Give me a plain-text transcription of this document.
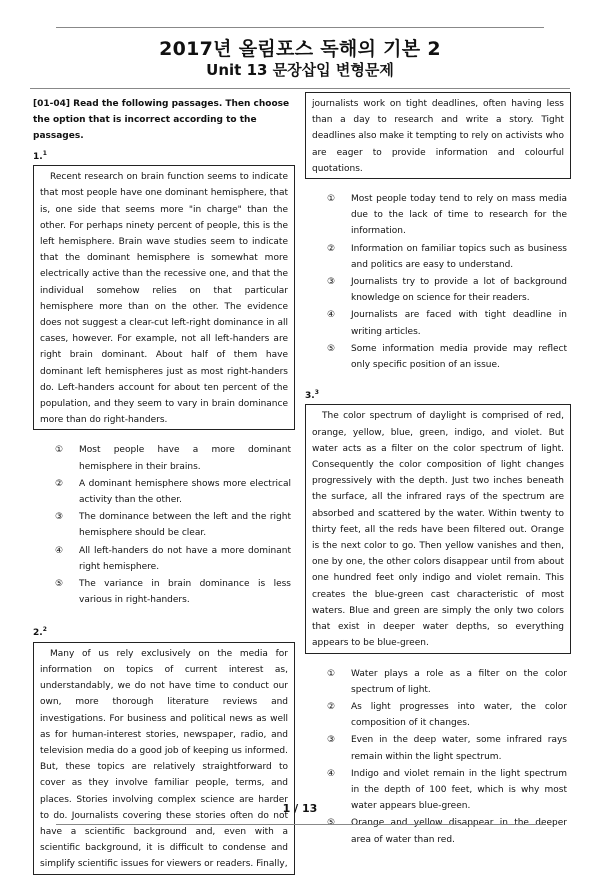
2017년 올림포스 독해의 기본 2
Unit 13 문장삽입 변형문제
[01-04] Read the following passages. Then choose the option that is incorrect according to the passages.
1.$^1$
Recent research on brain function seems to indicate that most people have one dominant hemisphere, that is, one side that seems more "in charge" than the other. For perhaps ninety percent of people, this is the left hemisphere. Brain wave studies seem to indicate that the dominant hemisphere is somewhat more electrically active than the recessive one, and that the individual somehow relies on that particular hemisphere more than on the other. The evidence does not suggest a clear-cut left-right dominance in all cases, however. For example, not all left-handers are right brain dominant. About half of them have dominant left hemispheres just as most right-handers do. Left-handers account for about ten percent of the population, and they seem to vary in brain dominance more than do right-handers.
①	Most people have a more dominant hemisphere in their brains.
②	A dominant hemisphere shows more electrical activity than the other.
③	The dominance between the left and the right hemisphere should be clear.
④	All left-handers do not have a more dominant right hemisphere.
⑤	The variance in brain dominance is less various in right-handers.
2.$^2$
Many of us rely exclusively on the media for information on topics of current interest as, understandably, we do not have time to conduct our own, more thorough literature reviews and investigations. For business and political news as well as for human-interest stories, newspaper, radio, and television media do a good job of keeping us informed. But, these topics are relatively straightforward to cover as they involve familiar people, terms, and places. Stories involving complex science are harder to do. Journalists covering these stories often do not have a scientific background and, even with a scientific background, it is difficult to condense and simplify scientific issues for viewers or readers. Finally,
journalists work on tight deadlines, often having less than a day to research and write a story. Tight deadlines also make it tempting to rely on activists who are eager to provide information and colourful quotations.
①	Most people today tend to rely on mass media due to the lack of time to research for the information.
②	Information on familiar topics such as business and politics are easy to understand.
③	Journalists try to provide a lot of background knowledge on science for their readers.
④	Journalists are faced with tight deadline in writing articles.
⑤	Some information media provide may reflect only specific position of an issue.
3.$^3$
The color spectrum of daylight is comprised of red, orange, yellow, blue, green, indigo, and violet. But water acts as a filter on the color spectrum of light. Consequently the color composition of light changes progressively with the depth. Just two inches beneath the surface, all the infrared rays of the spectrum are absorbed and scattered by the water. Within twenty to thirty feet, all the reds have been filtered out. Orange is the next color to go. Then yellow vanishes and then, one by one, the other colors disappear until from about one hundred feet only indigo and violet remain. This creates the blue-green cast characteristic of most waters. Blue and green are simply the only two colors that exist in deeper water depths, so everything appears to be blue-green.
①	Water plays a role as a filter on the color spectrum of light.
②	As light progresses into water, the color composition of it changes.
③	Even in the deep water, some infrared rays remain within the light spectrum.
④	Indigo and violet remain in the light spectrum in the depth of 100 feet, which is why most water appears blue-green.
⑤	Orange and yellow disappear in the deeper area of water than red.
1 / 13
